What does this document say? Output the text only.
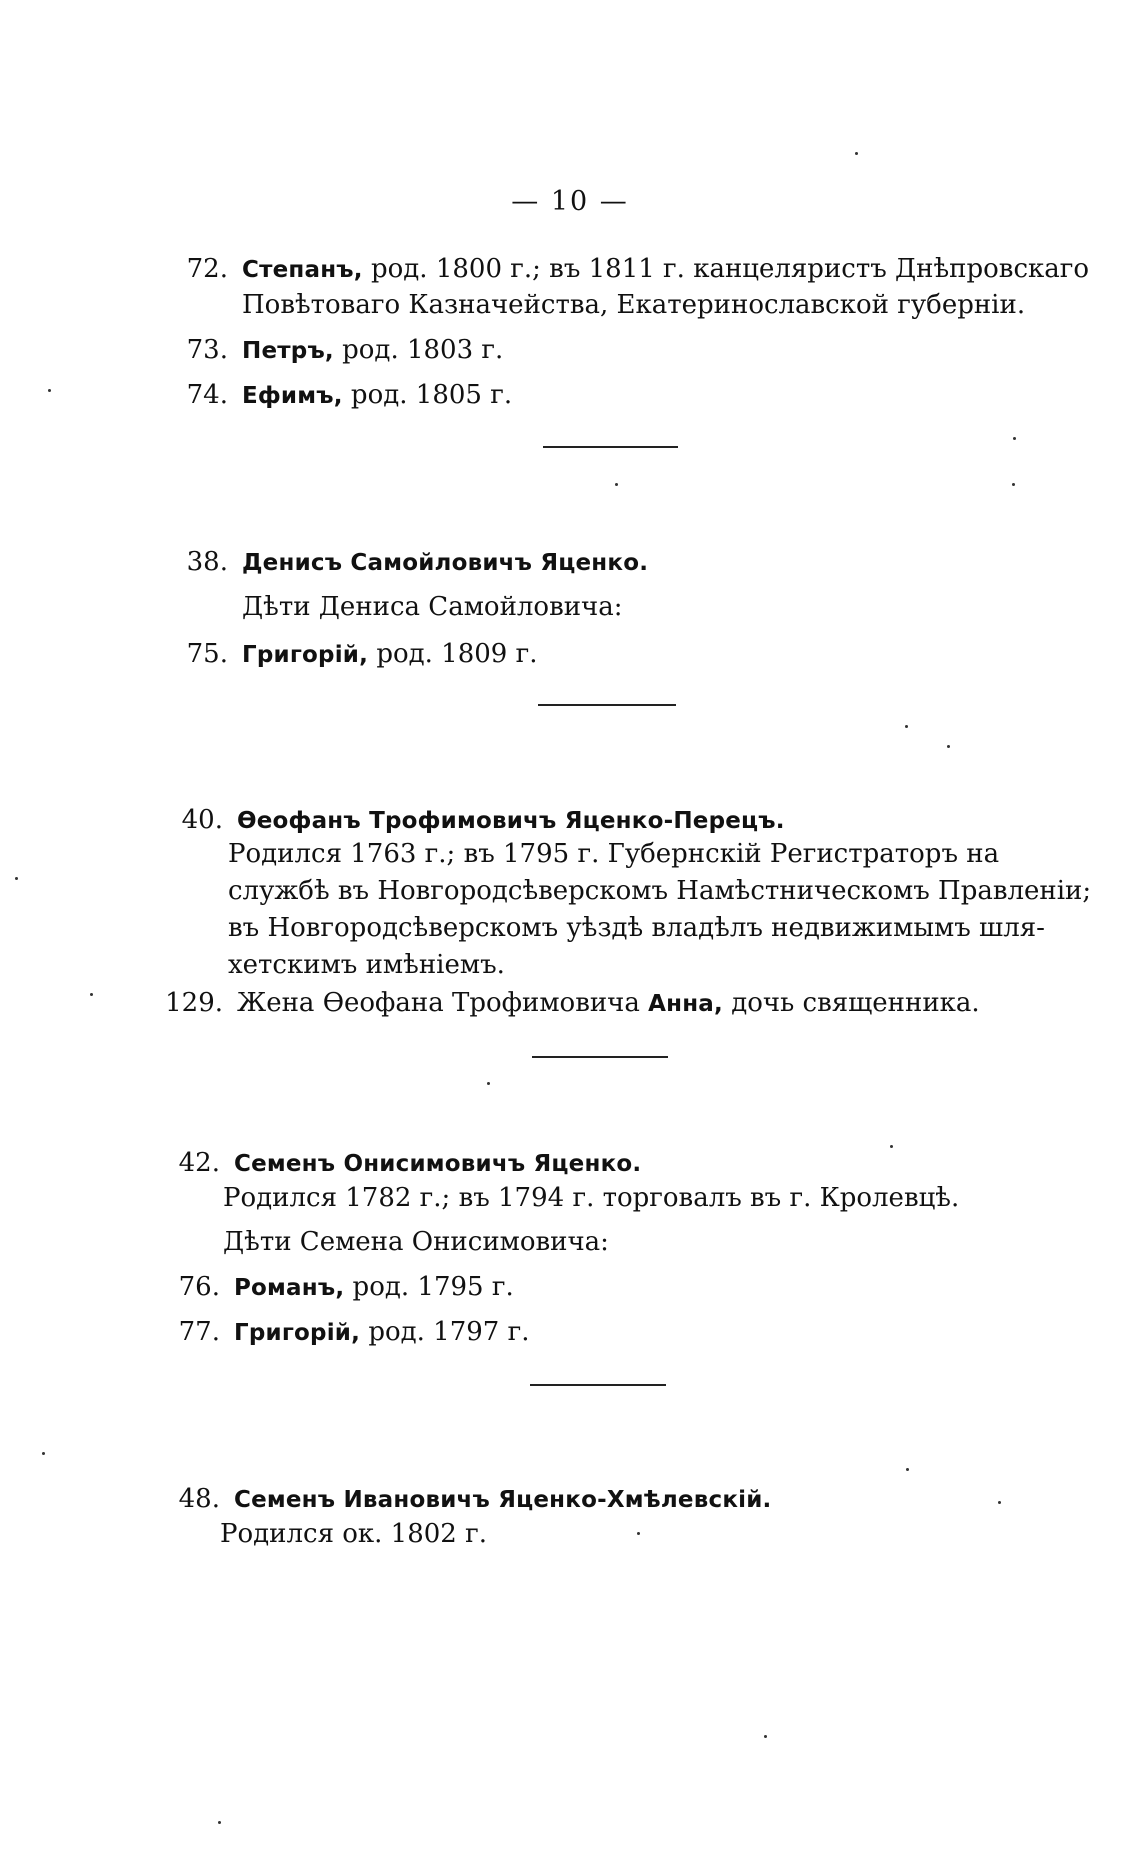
— 10 —
72. Степанъ, род. 1800 г.; въ 1811 г. канцеляристъ Днѣпровскаго
Повѣтоваго Казначейства, Екатеринославской губерніи.
73. Петръ, род. 1803 г.
74. Ефимъ, род. 1805 г.
38. Денисъ Самойловичъ Яценко.
Дѣти Дениса Самойловича:
75. Григорій, род. 1809 г.
40. Өеофанъ Трофимовичъ Яценко-Перецъ.
Родился 1763 г.; въ 1795 г. Губернскій Регистраторъ на
службѣ въ Новгородсѣверскомъ Намѣстническомъ Правленіи;
въ Новгородсѣверскомъ уѣздѣ владѣлъ недвижимымъ шля-
хетскимъ имѣніемъ.
129. Жена Өеофана Трофимовича Анна, дочь священника.
42. Семенъ Онисимовичъ Яценко.
Родился 1782 г.; въ 1794 г. торговалъ въ г. Кролевцѣ.
Дѣти Семена Онисимовича:
76. Романъ, род. 1795 г.
77. Григорій, род. 1797 г.
48. Семенъ Ивановичъ Яценко-Хмѣлевскій.
Родился ок. 1802 г.
